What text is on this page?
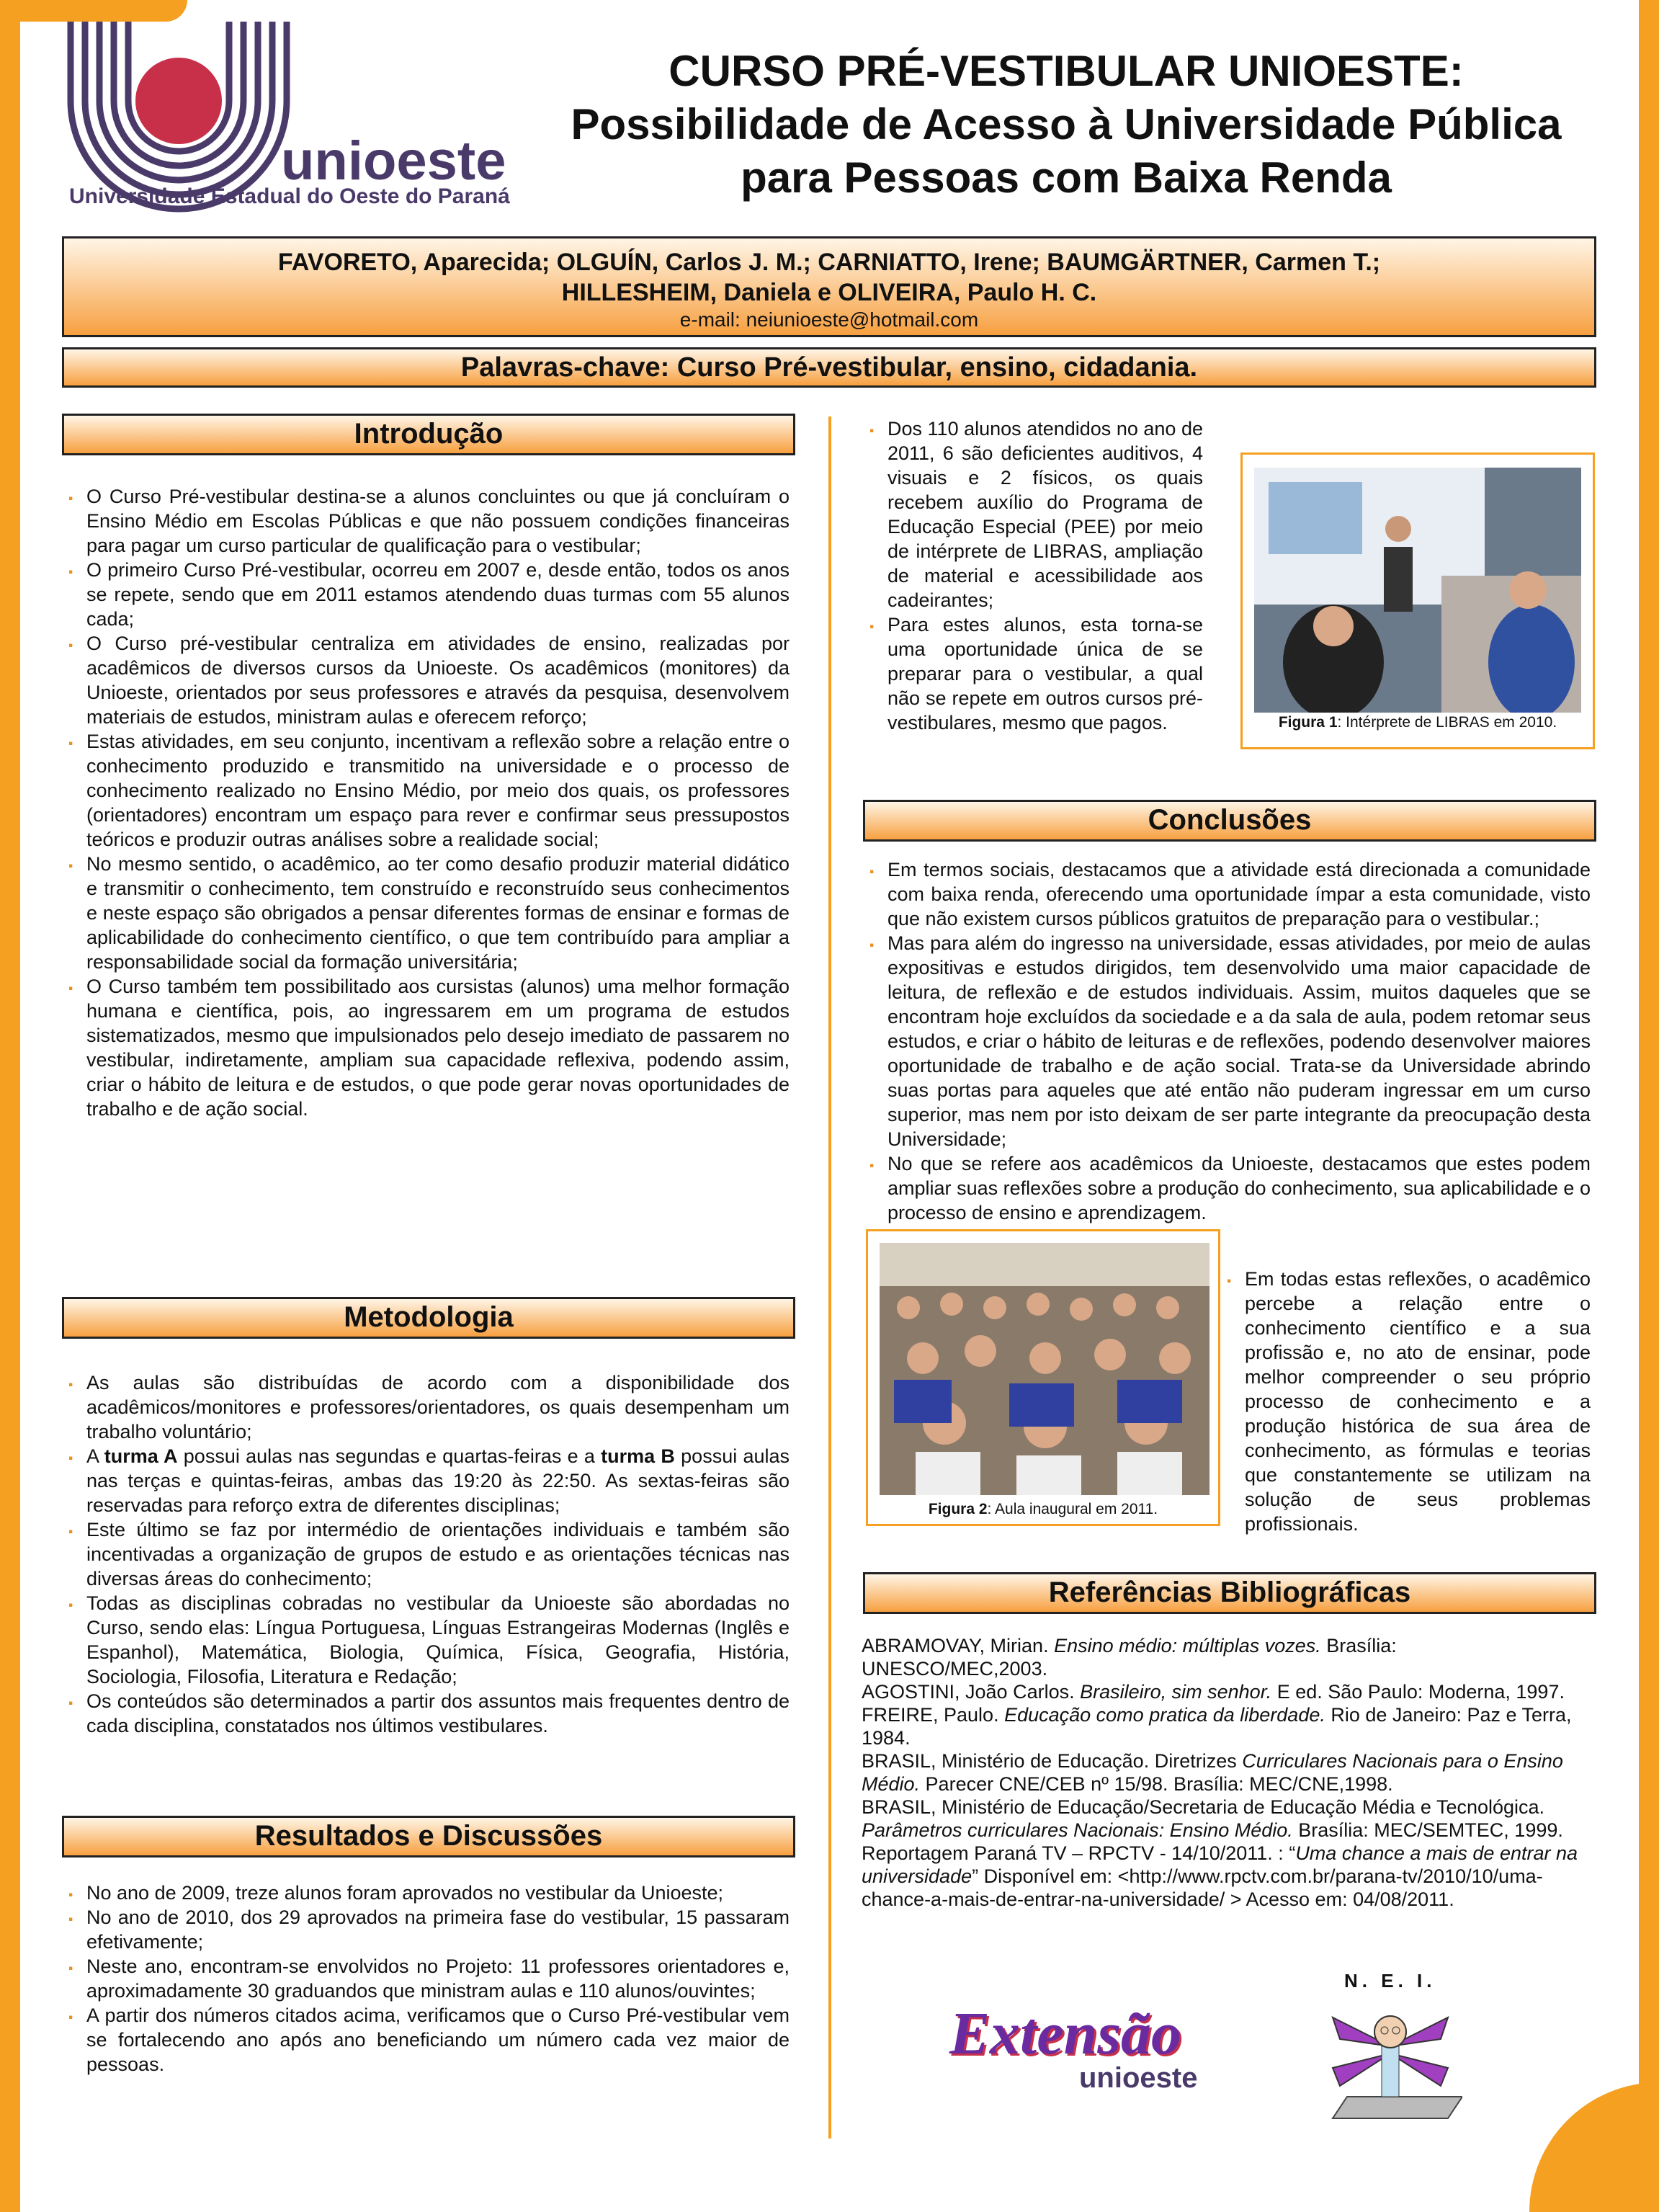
unioeste
Universidade Estadual do Oeste do Paraná
CURSO PRÉ-VESTIBULAR UNIOESTE:
Possibilidade de Acesso à Universidade Pública
para Pessoas com Baixa Renda
FAVORETO, Aparecida; OLGUÍN, Carlos J. M.; CARNIATTO, Irene; BAUMGÄRTNER, Carmen T.;
HILLESHEIM, Daniela e OLIVEIRA, Paulo H. C.
e-mail: neiunioeste@hotmail.com
Palavras-chave: Curso Pré-vestibular, ensino, cidadania.
Introdução
. O Curso Pré-vestibular destina-se a alunos concluintes ou que já concluíram o Ensino Médio em Escolas Públicas e que não possuem condições financeiras para pagar um curso particular de qualificação para o vestibular;
. O primeiro Curso Pré-vestibular, ocorreu em 2007 e, desde então, todos os anos se repete, sendo que em 2011 estamos atendendo duas turmas com 55 alunos cada;
. O Curso pré-vestibular centraliza em atividades de ensino, realizadas por acadêmicos de diversos cursos da Unioeste. Os acadêmicos (monitores) da Unioeste, orientados por seus professores e através da pesquisa, desenvolvem materiais de estudos, ministram aulas e oferecem reforço;
. Estas atividades, em seu conjunto, incentivam a reflexão sobre a relação entre o conhecimento produzido e transmitido na universidade e o processo de conhecimento realizado no Ensino Médio, por meio dos quais, os professores (orientadores) encontram um espaço para rever e confirmar seus pressupostos teóricos e produzir outras análises sobre a realidade social;
. No mesmo sentido, o acadêmico, ao ter como desafio produzir material didático e transmitir o conhecimento, tem construído e reconstruído seus conhecimentos e neste espaço são obrigados a pensar diferentes formas de ensinar e formas de aplicabilidade do conhecimento científico, o que tem contribuído para ampliar a responsabilidade social da formação universitária;
. O Curso também tem possibilitado aos cursistas (alunos) uma melhor formação humana e científica, pois, ao ingressarem em um programa de estudos sistematizados, mesmo que impulsionados pelo desejo imediato de passarem no vestibular, indiretamente, ampliam sua capacidade reflexiva, podendo assim, criar o hábito de leitura e de estudos, o que pode gerar novas oportunidades de trabalho e de ação social.
Metodologia
. As aulas são distribuídas de acordo com a disponibilidade dos acadêmicos/monitores e professores/orientadores, os quais desempenham um trabalho voluntário;
. A turma A possui aulas nas segundas e quartas-feiras e a turma B possui aulas nas terças e quintas-feiras, ambas das 19:20 às 22:50. As sextas-feiras são reservadas para reforço extra de diferentes disciplinas;
. Este último se faz por intermédio de orientações individuais e também são incentivadas a organização de grupos de estudo e as orientações técnicas nas diversas áreas do conhecimento;
. Todas as disciplinas cobradas no vestibular da Unioeste são abordadas no Curso, sendo elas: Língua Portuguesa, Línguas Estrangeiras Modernas (Inglês e Espanhol), Matemática, Biologia, Química, Física, Geografia, História, Sociologia, Filosofia, Literatura e Redação;
. Os conteúdos são determinados a partir dos assuntos mais frequentes dentro de cada disciplina, constatados nos últimos vestibulares.
Resultados e Discussões
. No ano de 2009, treze alunos foram aprovados no vestibular da Unioeste;
. No ano de 2010, dos 29 aprovados na primeira fase do vestibular, 15 passaram efetivamente;
. Neste ano, encontram-se envolvidos no Projeto: 11 professores orientadores e, aproximadamente 30 graduandos que ministram aulas e 110 alunos/ouvintes;
. A partir dos números citados acima, verificamos que o Curso Pré-vestibular vem se fortalecendo ano após ano beneficiando um número cada vez maior de pessoas.
. Dos 110 alunos atendidos no ano de 2011, 6 são deficientes auditivos, 4 visuais e 2 físicos, os quais recebem auxílio do Programa de Educação Especial (PEE) por meio de intérprete de LIBRAS, ampliação de material e acessibilidade aos cadeirantes;
. Para estes alunos, esta torna-se uma oportunidade única de se preparar para o vestibular, a qual não se repete em outros cursos pré-vestibulares, mesmo que pagos.	Figura 1: Intérprete de LIBRAS em 2010.
Conclusões
. Em termos sociais, destacamos que a atividade está direcionada a comunidade com baixa renda, oferecendo uma oportunidade ímpar a esta comunidade, visto que não existem cursos públicos gratuitos de preparação para o vestibular.;
. Mas para além do ingresso na universidade, essas atividades, por meio de aulas expositivas e estudos dirigidos, tem desenvolvido uma maior capacidade de leitura, de reflexão e de estudos individuais. Assim, muitos daqueles que se encontram hoje excluídos da sociedade e a da sala de aula, podem retomar seus estudos, e criar o hábito de leituras e de reflexões, podendo desenvolver maiores oportunidade de trabalho e de ação social. Trata-se da Universidade abrindo suas portas para aqueles que até então não puderam ingressar em um curso superior, mas nem por isto deixam de ser parte integrante da preocupação desta Universidade;
. No que se refere aos acadêmicos da Unioeste, destacamos que estes podem ampliar suas reflexões sobre a produção do conhecimento, sua aplicabilidade e o processo de ensino e aprendizagem.
. Em todas estas reflexões, o acadêmico percebe a relação entre o conhecimento científico e a sua profissão e, no ato de ensinar, pode melhor compreender o seu próprio processo de conhecimento e a produção histórica de sua área de conhecimento, as fórmulas e teorias que constantemente se utilizam na solução de seus problemas profissionais.
Figura 2: Aula inaugural em 2011.
Referências Bibliográficas

ABRAMOVAY, Mirian. Ensino médio: múltiplas vozes. Brasília: UNESCO/MEC,2003.

AGOSTINI, João Carlos. Brasileiro, sim senhor. E ed. São Paulo: Moderna, 1997.

FREIRE, Paulo. Educação como pratica da liberdade. Rio de Janeiro: Paz e Terra, 1984.

BRASIL, Ministério de Educação. Diretrizes Curriculares Nacionais para o Ensino Médio. Parecer CNE/CEB nº 15/98. Brasília: MEC/CNE,1998.

BRASIL, Ministério de Educação/Secretaria de Educação Média e Tecnológica. Parâmetros curriculares Nacionais: Ensino Médio. Brasília: MEC/SEMTEC, 1999.

Reportagem Paraná TV – RPCTV - 14/10/2011. : “Uma chance a mais de entrar na universidade” Disponível em: <http://www.rpctv.com.br/parana-tv/2010/10/uma-chance-a-mais-de-entrar-na-universidade/ > Acesso em: 04/08/2011.

Extensão
unioeste
N. E. I.
